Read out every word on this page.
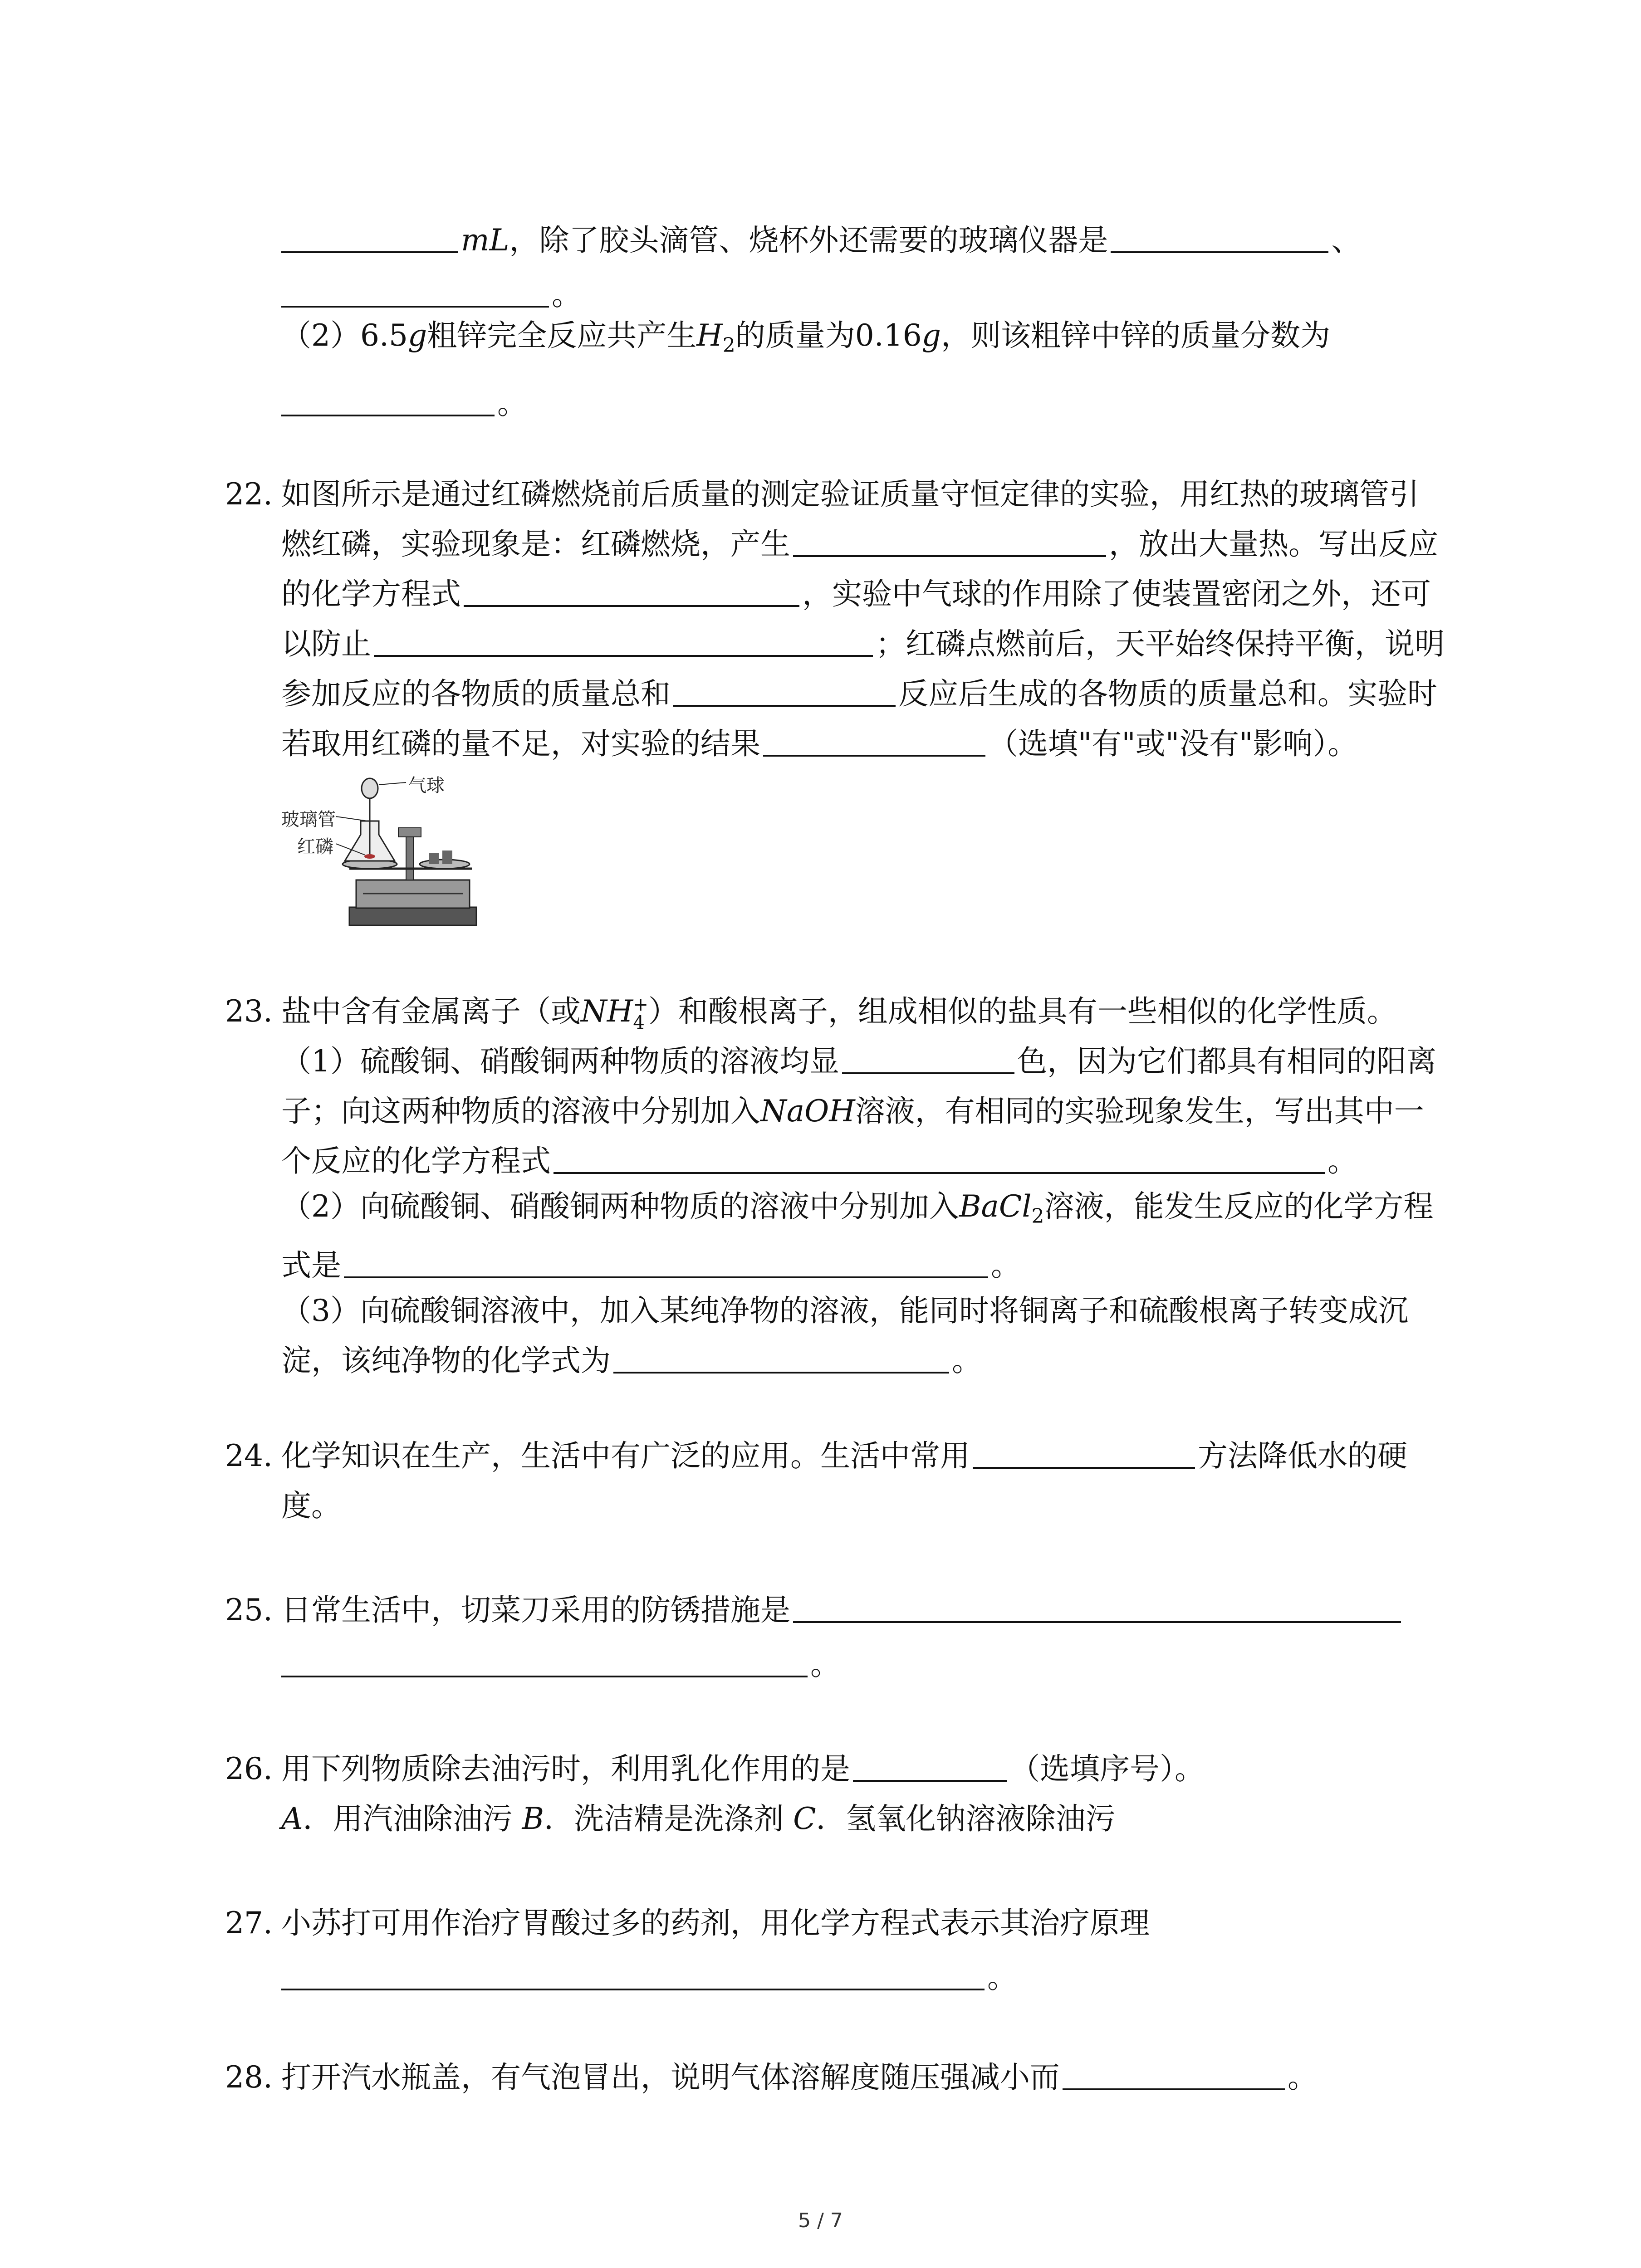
mL，除了胶头滴管、烧杯外还需要的玻璃仪器是	、
。
（2）6.5g粗锌完全反应共产生$H_2$的质量为0.16g，则该粗锌中锌的质量分数为
。
22. 如图所示是通过红磷燃烧前后质量的测定验证质量守恒定律的实验，用红热的玻璃管引
燃红磷，实验现象是：红磷燃烧，产生	，放出大量热。写出反应
的化学方程式	，实验中气球的作用除了使装置密闭之外，还可
以防止	；红磷点燃前后，天平始终保持平衡，说明
参加反应的各物质的质量总和	反应后生成的各物质的质量总和。实验时
若取用红磷的量不足，对实验的结果	（选填"有"或"没有"影响）。
气球
玻璃管
红磷
23. 盐中含有金属离子（或NH +
4 ）和酸根离子，组成相似的盐具有一些相似的化学性质。
（1）硫酸铜、硝酸铜两种物质的溶液均显	色，因为它们都具有相同的阳离
子；向这两种物质的溶液中分别加入NaOH溶液，有相同的实验现象发生，写出其中一
个反应的化学方程式	。
（2）向硫酸铜、硝酸铜两种物质的溶液中分别加入BaCl$_2$溶液，能发生反应的化学方程
式是	。
（3）向硫酸铜溶液中，加入某纯净物的溶液，能同时将铜离子和硫酸根离子转变成沉
淀，该纯净物的化学式为	。
24. 化学知识在生产，生活中有广泛的应用。生活中常用	方法降低水的硬
度。
25. 日常生活中，切菜刀采用的防锈措施是
。
26. 用下列物质除去油污时，利用乳化作用的是	（选填序号）。
A．用汽油除油污 B．洗洁精是洗涤剂 C．氢氧化钠溶液除油污
27. 小苏打可用作治疗胃酸过多的药剂，用化学方程式表示其治疗原理
。
28. 打开汽水瓶盖，有气泡冒出，说明气体溶解度随压强减小而	。
5 / 7
